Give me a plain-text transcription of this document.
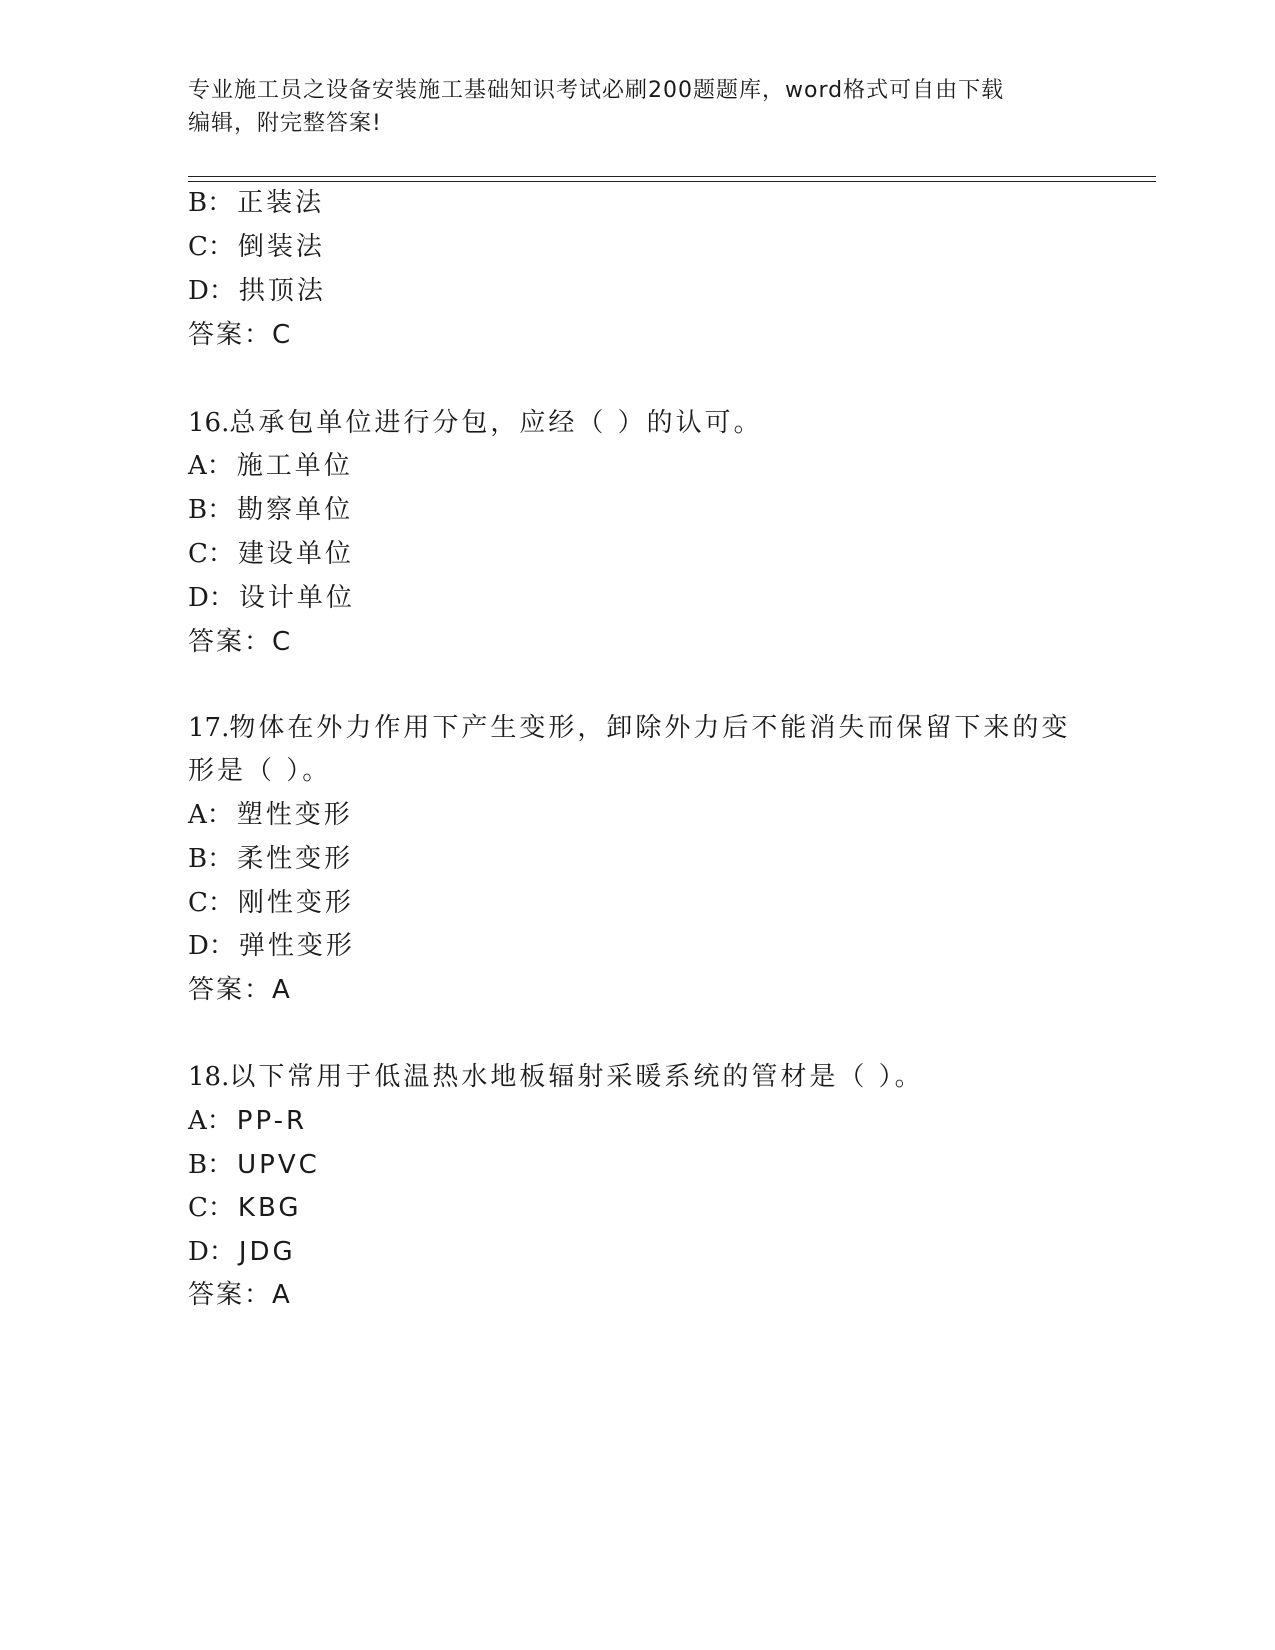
专业施工员之设备安装施工基础知识考试必刷200题题库，word格式可自由下载
编辑，附完整答案!
B： 正装法
C： 倒装法
D： 拱顶法
答案：C
16.总承包单位进行分包，应经（ ）的认可。
A： 施工单位
B： 勘察单位
C： 建设单位
D： 设计单位
答案：C
17.物体在外力作用下产生变形，卸除外力后不能消失而保留下来的变
形是（ ）。
A： 塑性变形
B： 柔性变形
C： 刚性变形
D： 弹性变形
答案：A
18.以下常用于低温热水地板辐射采暖系统的管材是（ ）。
A： PP-R
B： UPVC
C： KBG
D： JDG
答案：A
